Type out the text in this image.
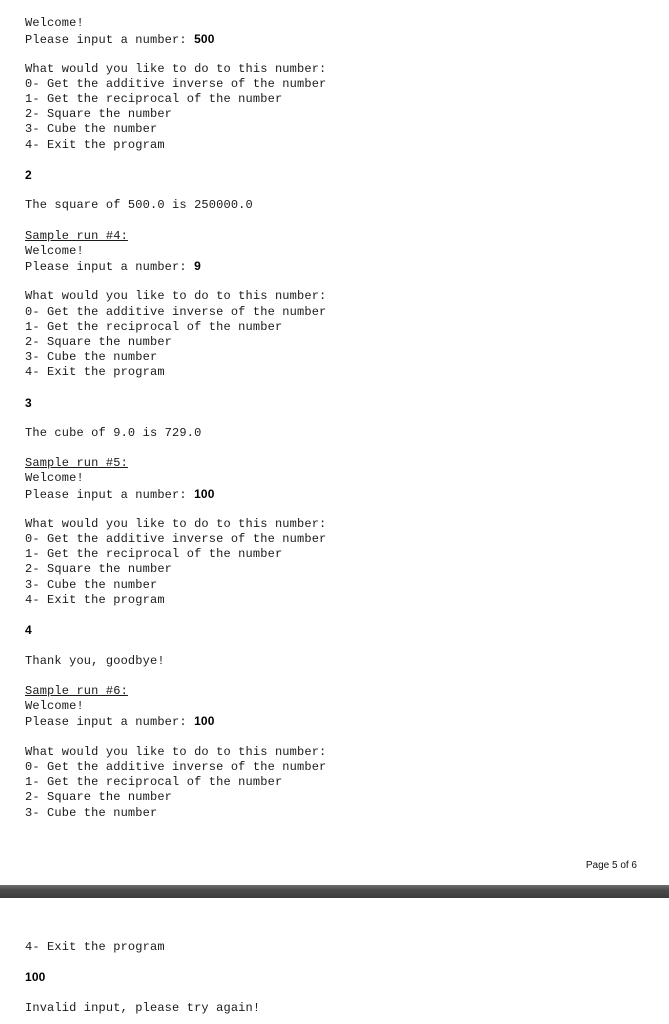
Welcome!
Please input a number: 500
What would you like to do to this number:
0- Get the additive inverse of the number
1- Get the reciprocal of the number
2- Square the number
3- Cube the number
4- Exit the program
2
The square of 500.0 is 250000.0
Sample run #4:
Welcome!
Please input a number: 9
What would you like to do to this number:
0- Get the additive inverse of the number
1- Get the reciprocal of the number
2- Square the number
3- Cube the number
4- Exit the program
3
The cube of 9.0 is 729.0
Sample run #5:
Welcome!
Please input a number: 100
What would you like to do to this number:
0- Get the additive inverse of the number
1- Get the reciprocal of the number
2- Square the number
3- Cube the number
4- Exit the program
4
Thank you, goodbye!
Sample run #6:
Welcome!
Please input a number: 100
What would you like to do to this number:
0- Get the additive inverse of the number
1- Get the reciprocal of the number
2- Square the number
3- Cube the number
Page 5 of 6
4- Exit the program
100
Invalid input, please try again!
